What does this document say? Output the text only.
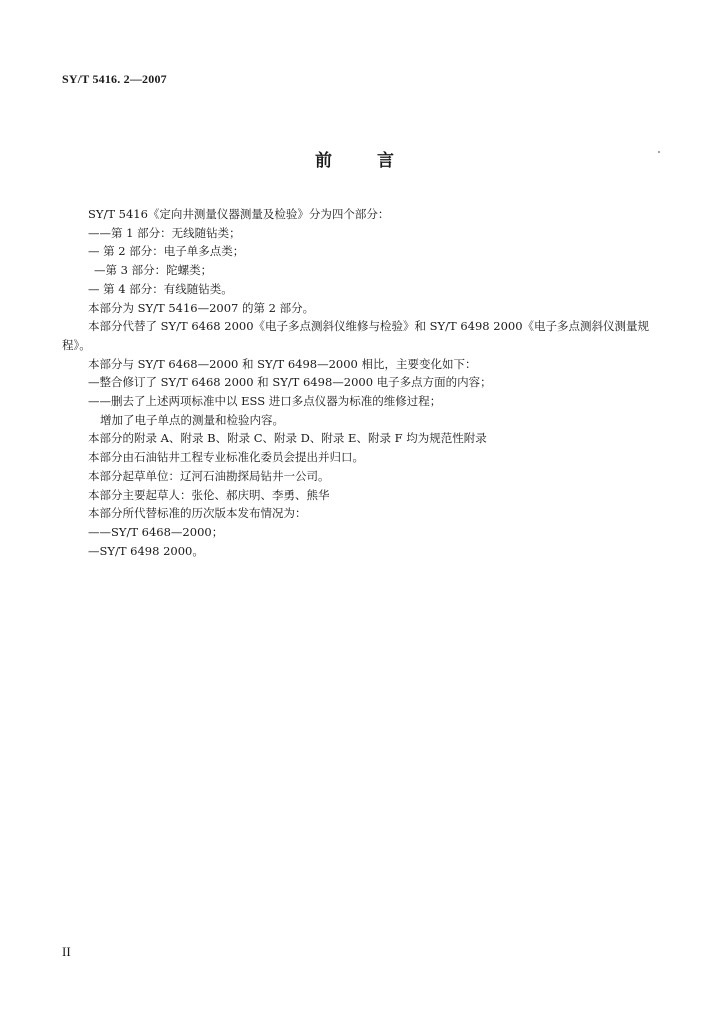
SY/T 5416. 2—2007
前	言

SY/T 5416《定向井测量仪器测量及检验》分为四个部分：

——第 1 部分：无线随钻类；

— 第 2 部分：电子单多点类；

—第 3 部分：陀螺类；

— 第 4 部分：有线随钻类。

本部分为 SY/T 5416—2007 的第 2 部分。

本部分代替了 SY/T 6468 2000《电子多点测斜仪维修与检验》和 SY/T 6498 2000《电子多点测斜仪测量规程》。

本部分与 SY/T 6468—2000 和 SY/T 6498—2000 相比，主要变化如下：

—整合修订了 SY/T 6468 2000 和 SY/T 6498—2000 电子多点方面的内容；

——删去了上述两项标准中以 ESS 进口多点仪器为标准的维修过程；

增加了电子单点的测量和检验内容。

本部分的附录 A、附录 B、附录 C、附录 D、附录 E、附录 F 均为规范性附录

本部分由石油钻井工程专业标准化委员会提出并归口。

本部分起草单位：辽河石油勘探局钻井一公司。

本部分主要起草人：张伦、郝庆明、李勇、熊华

本部分所代替标准的历次版本发布情况为：

——SY/T 6468—2000；

—SY/T 6498 2000。

II
